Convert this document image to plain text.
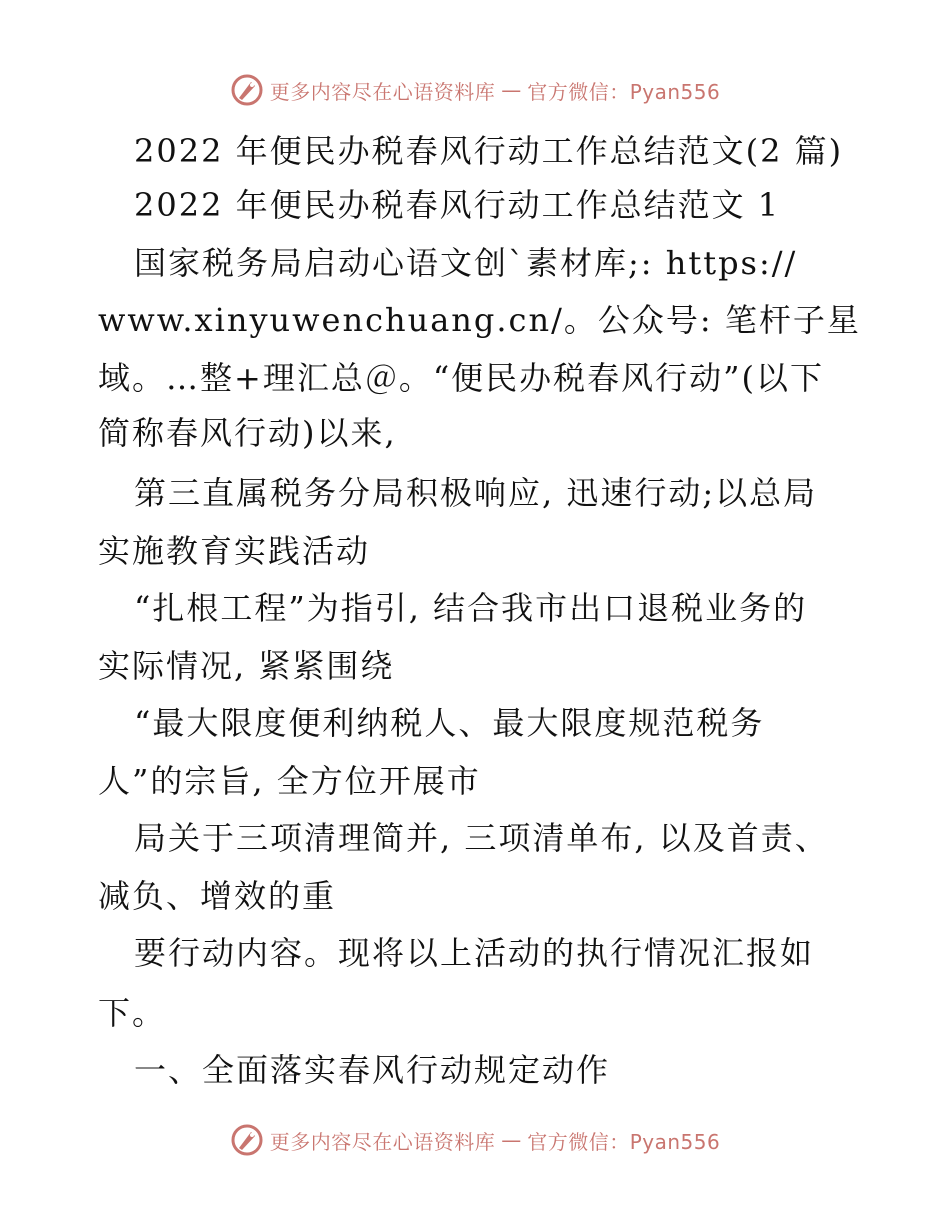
更多内容尽在心语资料库 — 官方微信：Pyan556
2022 年便民办税春风行动工作总结范文(2 篇)
2022 年便民办税春风行动工作总结范文 1
国家税务局启动心语文创`素材库;: https://
www.xinyuwenchuang.cn/。公众号: 笔杆子星
域。…整+理汇总＠。“便民办税春风行动”(以下
简称春风行动)以来,
第三直属税务分局积极响应, 迅速行动;以总局
实施教育实践活动
“扎根工程”为指引, 结合我市出口退税业务的
实际情况, 紧紧围绕
“最大限度便利纳税人、最大限度规范税务
人”的宗旨, 全方位开展市
局关于三项清理简并, 三项清单布, 以及首责、
减负、增效的重
要行动内容。现将以上活动的执行情况汇报如
下。
一、全面落实春风行动规定动作
更多内容尽在心语资料库 — 官方微信：Pyan556
